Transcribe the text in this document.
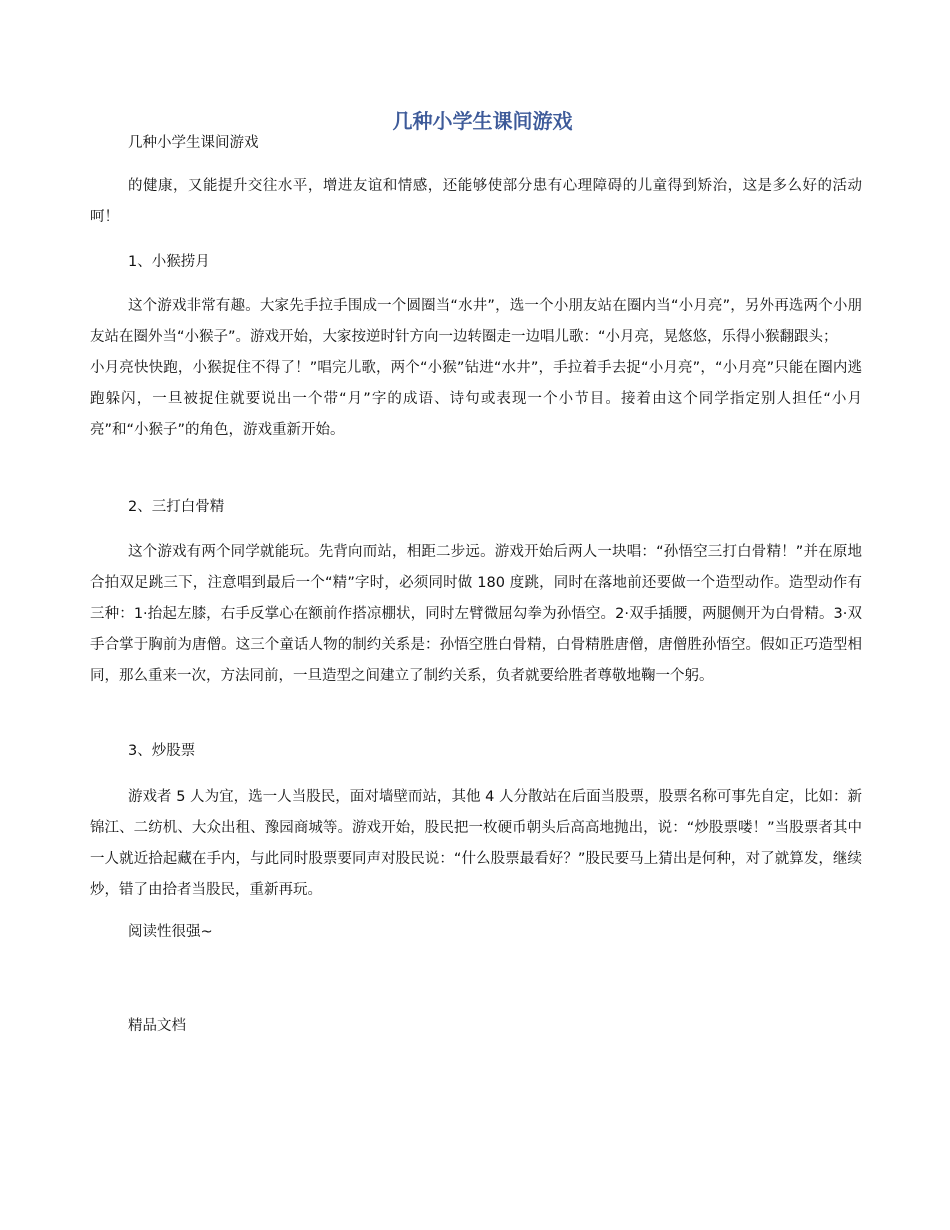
几种小学生课间游戏

几种小学生课间游戏

的健康，又能提升交往水平，增进友谊和情感，还能够使部分患有心理障碍的儿童得到矫治，这是多么好的活动呵！

1、小猴捞月

这个游戏非常有趣。大家先手拉手围成一个圆圈当“水井”，选一个小朋友站在圈内当“小月亮”，另外再选两个小朋友站在圈外当“小猴子”。游戏开始，大家按逆时针方向一边转圈走一边唱儿歌：“小月亮，晃悠悠，乐得小猴翻跟头；

小月亮快快跑，小猴捉住不得了！”唱完儿歌，两个“小猴”钻进“水井”，手拉着手去捉“小月亮”，“小月亮”只能在圈内逃跑躲闪，一旦被捉住就要说出一个带“月”字的成语、诗句或表现一个小节目。接着由这个同学指定别人担任“小月亮”和“小猴子”的角色，游戏重新开始。

2、三打白骨精

这个游戏有两个同学就能玩。先背向而站，相距二步远。游戏开始后两人一块唱：“孙悟空三打白骨精！”并在原地合拍双足跳三下，注意唱到最后一个“精”字时，必须同时做 180 度跳，同时在落地前还要做一个造型动作。造型动作有三种：1·抬起左膝，右手反掌心在额前作搭凉棚状，同时左臂微屈勾拳为孙悟空。2·双手插腰，两腿侧开为白骨精。3·双手合掌于胸前为唐僧。这三个童话人物的制约关系是：孙悟空胜白骨精，白骨精胜唐僧，唐僧胜孙悟空。假如正巧造型相同，那么重来一次，方法同前，一旦造型之间建立了制约关系，负者就要给胜者尊敬地鞠一个躬。

3、炒股票

游戏者 5 人为宜，选一人当股民，面对墙壁而站，其他 4 人分散站在后面当股票，股票名称可事先自定，比如：新锦江、二纺机、大众出租、豫园商城等。游戏开始，股民把一枚硬币朝头后高高地抛出，说：“炒股票喽！”当股票者其中一人就近拾起藏在手内，与此同时股票要同声对股民说：“什么股票最看好？”股民要马上猜出是何种，对了就算发，继续炒，错了由拾者当股民，重新再玩。

阅读性很强~

精品文档
